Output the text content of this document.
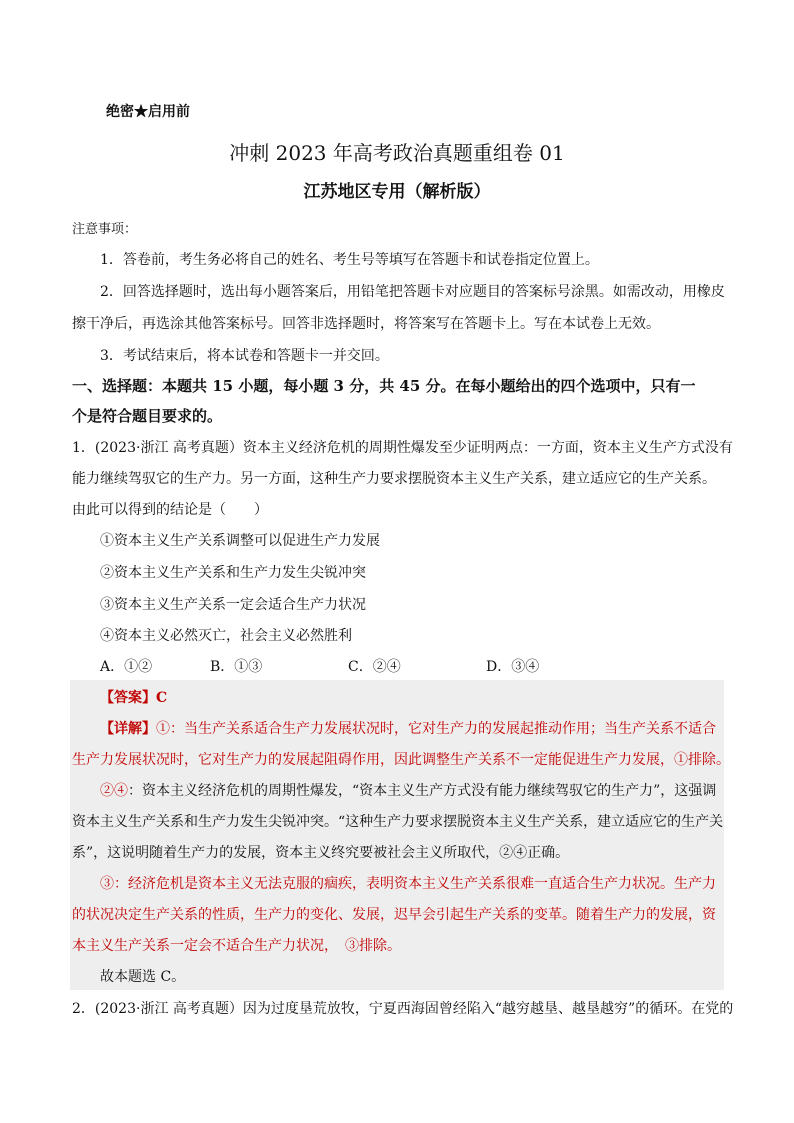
绝密★启用前
冲刺 2023 年高考政治真题重组卷 01
江苏地区专用（解析版）
注意事项：
1．答卷前，考生务必将自己的姓名、考生号等填写在答题卡和试卷指定位置上。
2．回答选择题时，选出每小题答案后，用铅笔把答题卡对应题目的答案标号涂黑。如需改动，用橡皮
擦干净后，再选涂其他答案标号。回答非选择题时，将答案写在答题卡上。写在本试卷上无效。
3．考试结束后，将本试卷和答题卡一并交回。
一、选择题：本题共 15 小题，每小题 3 分，共 45 分。在每小题给出的四个选项中，只有一
个是符合题目要求的。
1．(2023·浙江 高考真题）资本主义经济危机的周期性爆发至少证明两点：一方面，资本主义生产方式没有
能力继续驾驭它的生产力。另一方面，这种生产力要求摆脱资本主义生产关系，建立适应它的生产关系。
由此可以得到的结论是（　　）
①资本主义生产关系调整可以促进生产力发展
②资本主义生产关系和生产力发生尖锐冲突
③资本主义生产关系一定会适合生产力状况
④资本主义必然灭亡，社会主义必然胜利
A．①②	B．①③	C．②④	D．③④
【答案】C
【详解】①：当生产关系适合生产力发展状况时，它对生产力的发展起推动作用；当生产关系不适合
生产力发展状况时，它对生产力的发展起阻碍作用，因此调整生产关系不一定能促进生产力发展，①排除。
②④：资本主义经济危机的周期性爆发，“资本主义生产方式没有能力继续驾驭它的生产力”，这强调
资本主义生产关系和生产力发生尖锐冲突。“这种生产力要求摆脱资本主义生产关系，建立适应它的生产关
系”，这说明随着生产力的发展，资本主义终究要被社会主义所取代，②④正确。
③：经济危机是资本主义无法克服的痼疾，表明资本主义生产关系很难一直适合生产力状况。生产力
的状况决定生产关系的性质，生产力的变化、发展，迟早会引起生产关系的变革。随着生产力的发展，资
本主义生产关系一定会不适合生产力状况，　③排除。
故本题选 C。
2．(2023·浙江 高考真题）因为过度垦荒放牧，宁夏西海固曾经陷入“越穷越垦、越垦越穷”的循环。在党的
